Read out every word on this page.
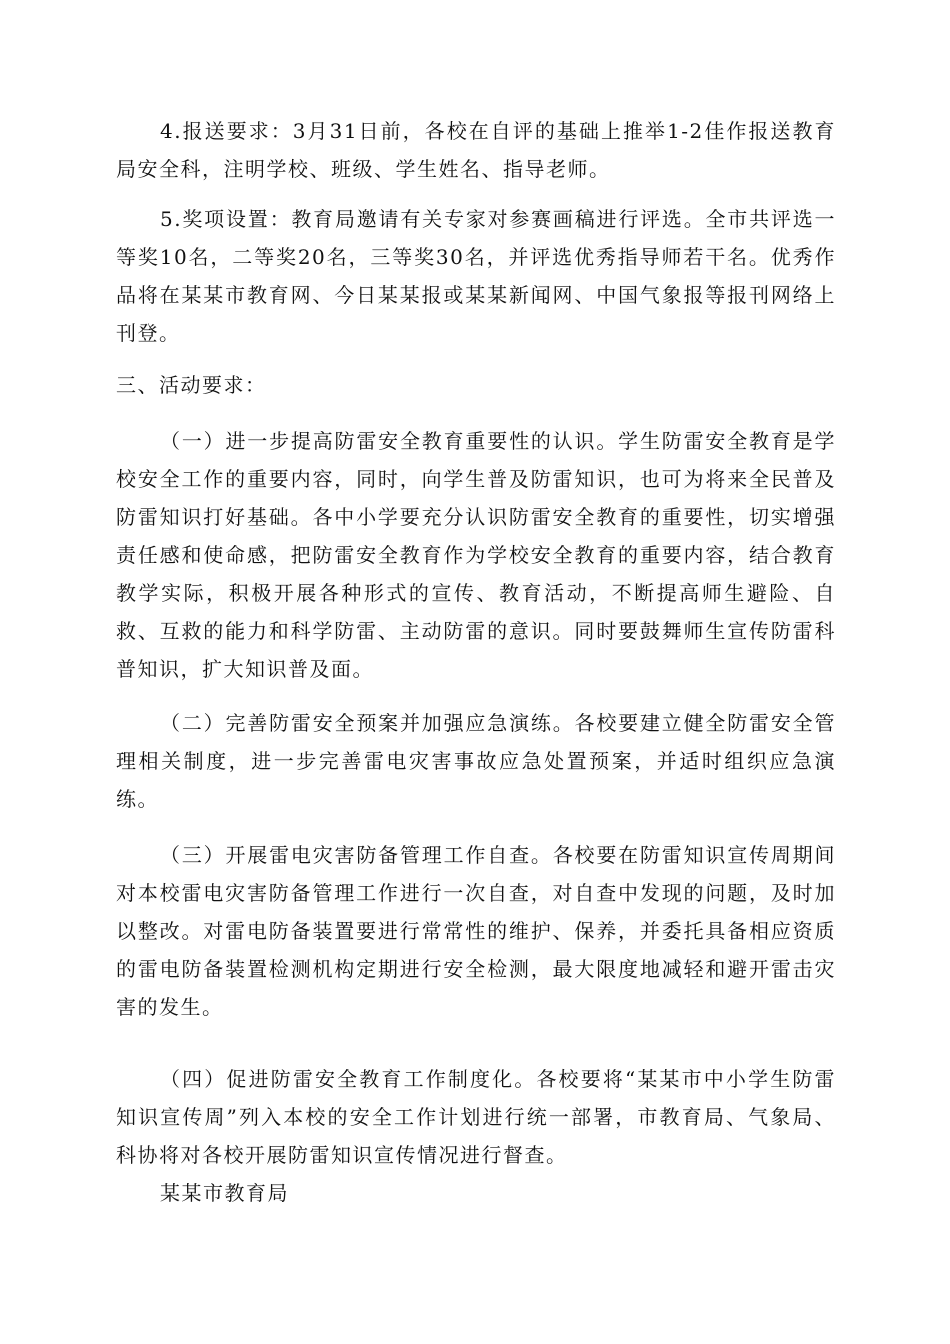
4.报送要求：3月31日前，各校在自评的基础上推举1-2佳作报送教育局安全科，注明学校、班级、学生姓名、指导老师。

5.奖项设置：教育局邀请有关专家对参赛画稿进行评选。全市共评选一等奖10名，二等奖20名，三等奖30名，并评选优秀指导师若干名。优秀作品将在某某市教育网、今日某某报或某某新闻网、中国气象报等报刊网络上刊登。

三、活动要求：

（一）进一步提高防雷安全教育重要性的认识。学生防雷安全教育是学校安全工作的重要内容，同时，向学生普及防雷知识，也可为将来全民普及防雷知识打好基础。各中小学要充分认识防雷安全教育的重要性，切实增强责任感和使命感，把防雷安全教育作为学校安全教育的重要内容，结合教育教学实际，积极开展各种形式的宣传、教育活动，不断提高师生避险、自救、互救的能力和科学防雷、主动防雷的意识。同时要鼓舞师生宣传防雷科普知识，扩大知识普及面。

（二）完善防雷安全预案并加强应急演练。各校要建立健全防雷安全管理相关制度，进一步完善雷电灾害事故应急处置预案，并适时组织应急演练。

（三）开展雷电灾害防备管理工作自查。各校要在防雷知识宣传周期间对本校雷电灾害防备管理工作进行一次自查，对自查中发现的问题，及时加以整改。对雷电防备装置要进行常常性的维护、保养，并委托具备相应资质的雷电防备装置检测机构定期进行安全检测，最大限度地减轻和避开雷击灾害的发生。

（四）促进防雷安全教育工作制度化。各校要将“某某市中小学生防雷知识宣传周”列入本校的安全工作计划进行统一部署，市教育局、气象局、科协将对各校开展防雷知识宣传情况进行督查。

某某市教育局
